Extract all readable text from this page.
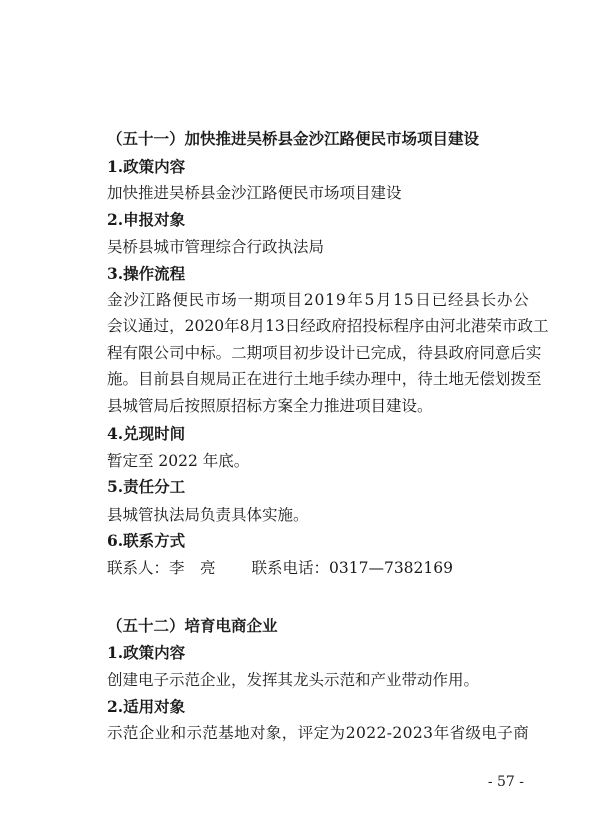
（五十一）加快推进吴桥县金沙江路便民市场项目建设
1.政策内容
加快推进吴桥县金沙江路便民市场项目建设
2.申报对象
吴桥县城市管理综合行政执法局
3.操作流程
金 沙 江 路 便 民 市 场 一 期 项 目 2 0 1 9 年 5 月 1 5 日 已 经 县 长 办 公
会 议 通 过 ， 2 0 2 0 年 8 月 1 3 日 经 政 府 招 投 标 程 序 由 河 北 港 荣 市 政 工
程 有 限 公 司 中 标 。 二 期 项 目 初 步 设 计 已 完 成 ， 待 县 政 府 同 意 后 实
施 。 目 前 县 自 规 局 正 在 进 行 土 地 手 续 办 理 中 ， 待 土 地 无 偿 划 拨 至
县城管局后按照原招标方案全力推进项目建设。
4.兑现时间
暂定至 2022 年底。
5.责任分工
县城管执法局负责具体实施。
6.联系方式
联系人：李　亮 联系电话：0317—7382169
（五十二）培育电商企业
1.政策内容
创建电子示范企业，发挥其龙头示范和产业带动作用。
2.适用对象
示 范 企 业 和 示 范 基 地 对 象 ， 评 定 为 2 0 2 2 - 2 0 2 3 年 省 级 电 子 商
- 57 -
